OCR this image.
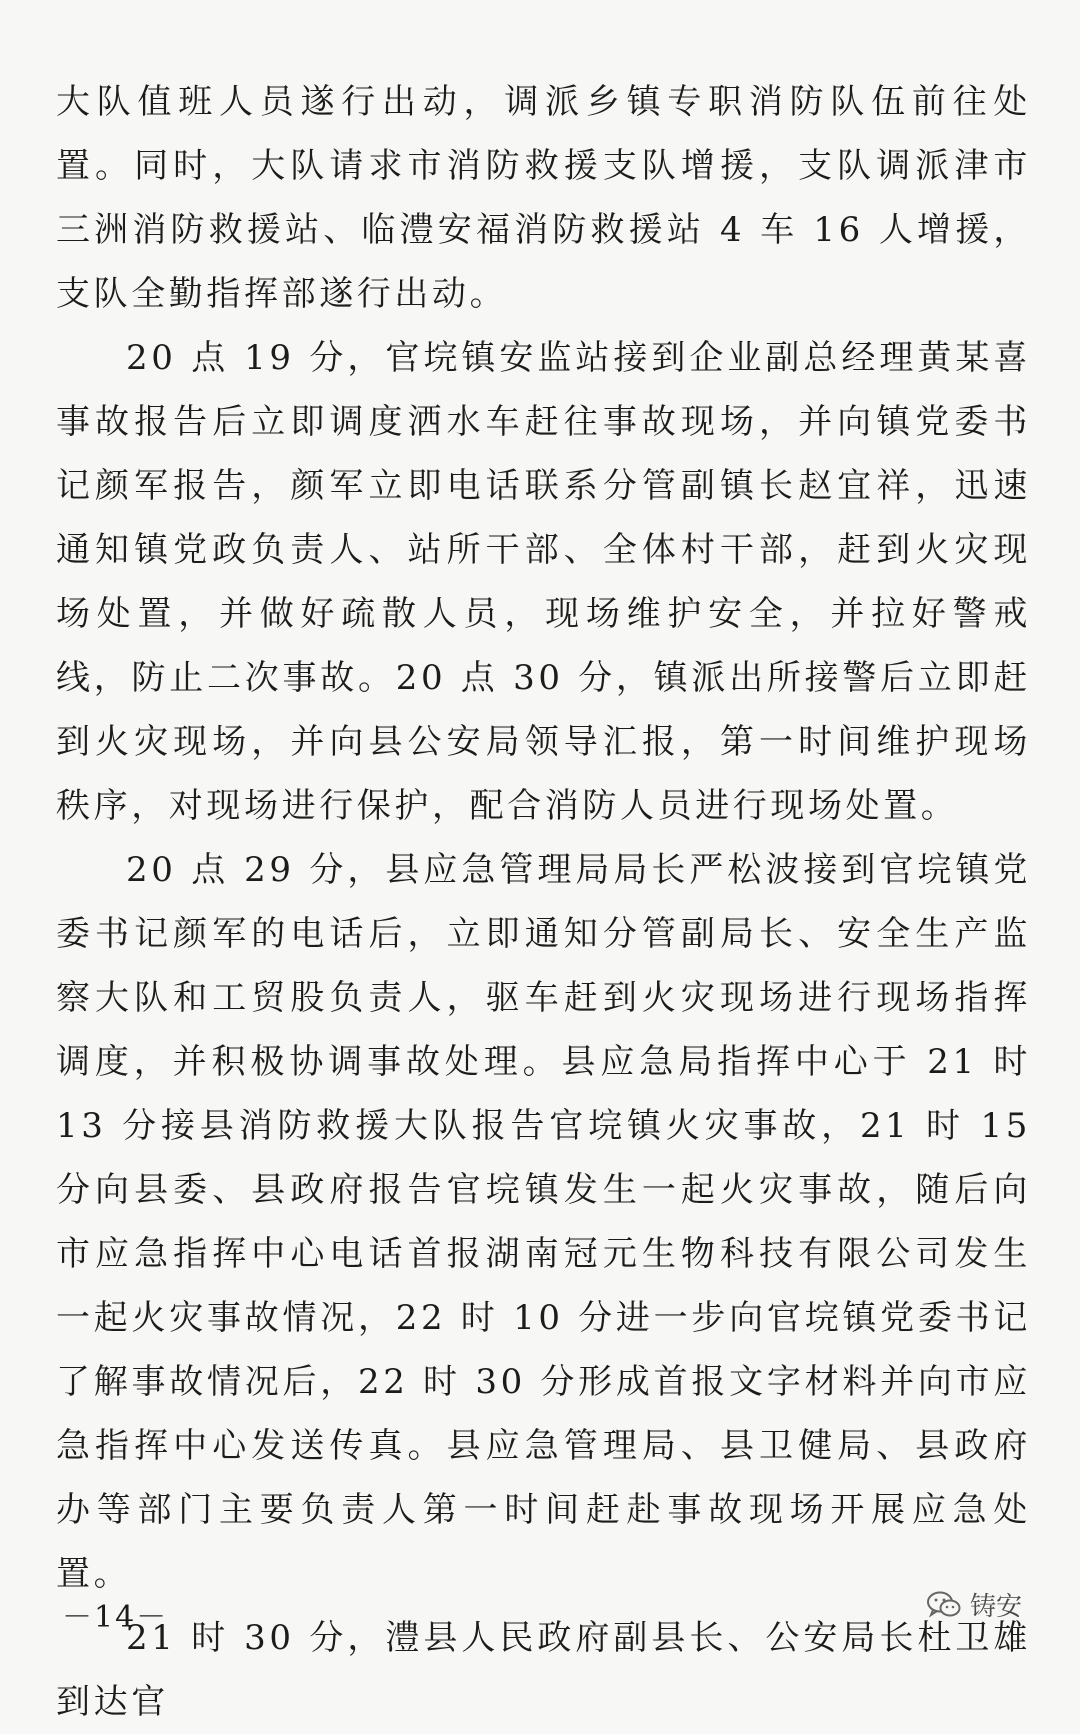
大队值班人员遂行出动，调派乡镇专职消防队伍前往处置。同时，大队请求市消防救援支队增援，支队调派津市三洲消防救援站、临澧安福消防救援站 4 车 16 人增援，支队全勤指挥部遂行出动。

20 点 19 分，官垸镇安监站接到企业副总经理黄某喜事故报告后立即调度洒水车赶往事故现场，并向镇党委书记颜军报告，颜军立即电话联系分管副镇长赵宜祥，迅速通知镇党政负责人、站所干部、全体村干部，赶到火灾现场处置，并做好疏散人员，现场维护安全，并拉好警戒线，防止二次事故。20 点 30 分，镇派出所接警后立即赶到火灾现场，并向县公安局领导汇报，第一时间维护现场秩序，对现场进行保护，配合消防人员进行现场处置。

20 点 29 分，县应急管理局局长严松波接到官垸镇党委书记颜军的电话后，立即通知分管副局长、安全生产监察大队和工贸股负责人，驱车赶到火灾现场进行现场指挥调度，并积极协调事故处理。县应急局指挥中心于 21 时 13 分接县消防救援大队报告官垸镇火灾事故，21 时 15 分向县委、县政府报告官垸镇发生一起火灾事故，随后向市应急指挥中心电话首报湖南冠元生物科技有限公司发生一起火灾事故情况，22 时 10 分进一步向官垸镇党委书记了解事故情况后，22 时 30 分形成首报文字材料并向市应急指挥中心发送传真。县应急管理局、县卫健局、县政府办等部门主要负责人第一时间赶赴事故现场开展应急处置。

21 时 30 分，澧县人民政府副县长、公安局长杜卫雄到达官

－14－	铸安
